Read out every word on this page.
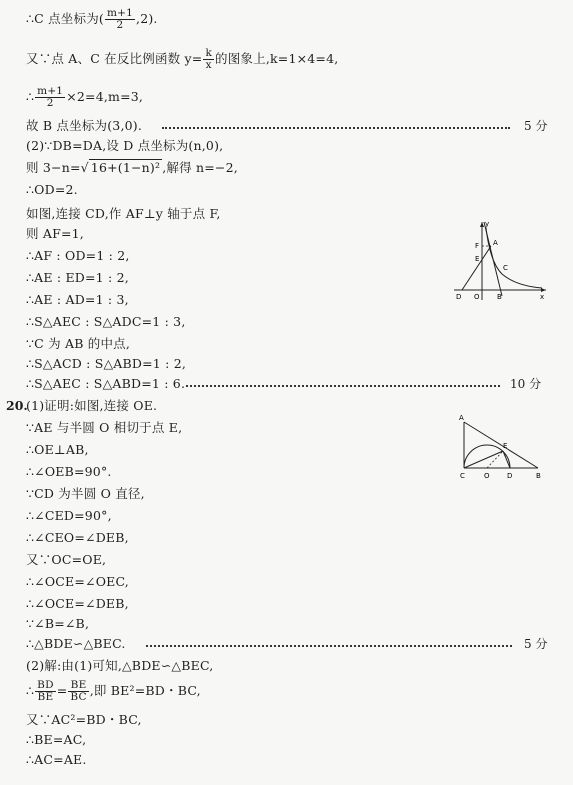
∴C 点坐标为( $\frac{m+1}{2} ,2$).
又∵点 A、C 在反比例函数 $y= \frac{k}{x}$ 的图象上,k=1×4=4,
∴ $\frac{m+1}{2} \times 2=4,m=3$,
故 B 点坐标为(3,0).	5 分
(2)∵DB=DA,设 D 点坐标为(n,0),
则 3−n=√ 16+(1−n)² ,解得 n=−2,
∴OD=2.
如图,连接 CD,作 AF⊥y 轴于点 F,
则 AF=1,
∴AF : OD=1 : 2,
∴AE : ED=1 : 2,
∴AE : AD=1 : 3,
∴S△AEC : S△ADC=1 : 3,
∵C 为 AB 的中点,
∴S△ACD : S△ABD=1 : 2,
∴S△AEC : S△ABD=1 : 6.	10 分
y
A
F
E
C
D O B	x
20.
(1)证明:如图,连接 OE.
∵AE 与半圆 O 相切于点 E,
∴OE⊥AB,
∴∠OEB=90°.
∵CD 为半圆 O 直径,
∴∠CED=90°,
∴∠CEO=∠DEB,
又∵OC=OE,
∴∠OCE=∠OEC,
∴∠OCE=∠DEB,
∵∠B=∠B,
∴△BDE∽△BEC.	5 分
(2)解:由(1)可知,△BDE∽△BEC,
∴ $\frac{BD}{BE} = \frac{BE}{BC}$ ,即 BE²=BD・BC,
又∵AC²=BD・BC,
∴BE=AC,
∴AC=AE.
A
E
C	O D	B
